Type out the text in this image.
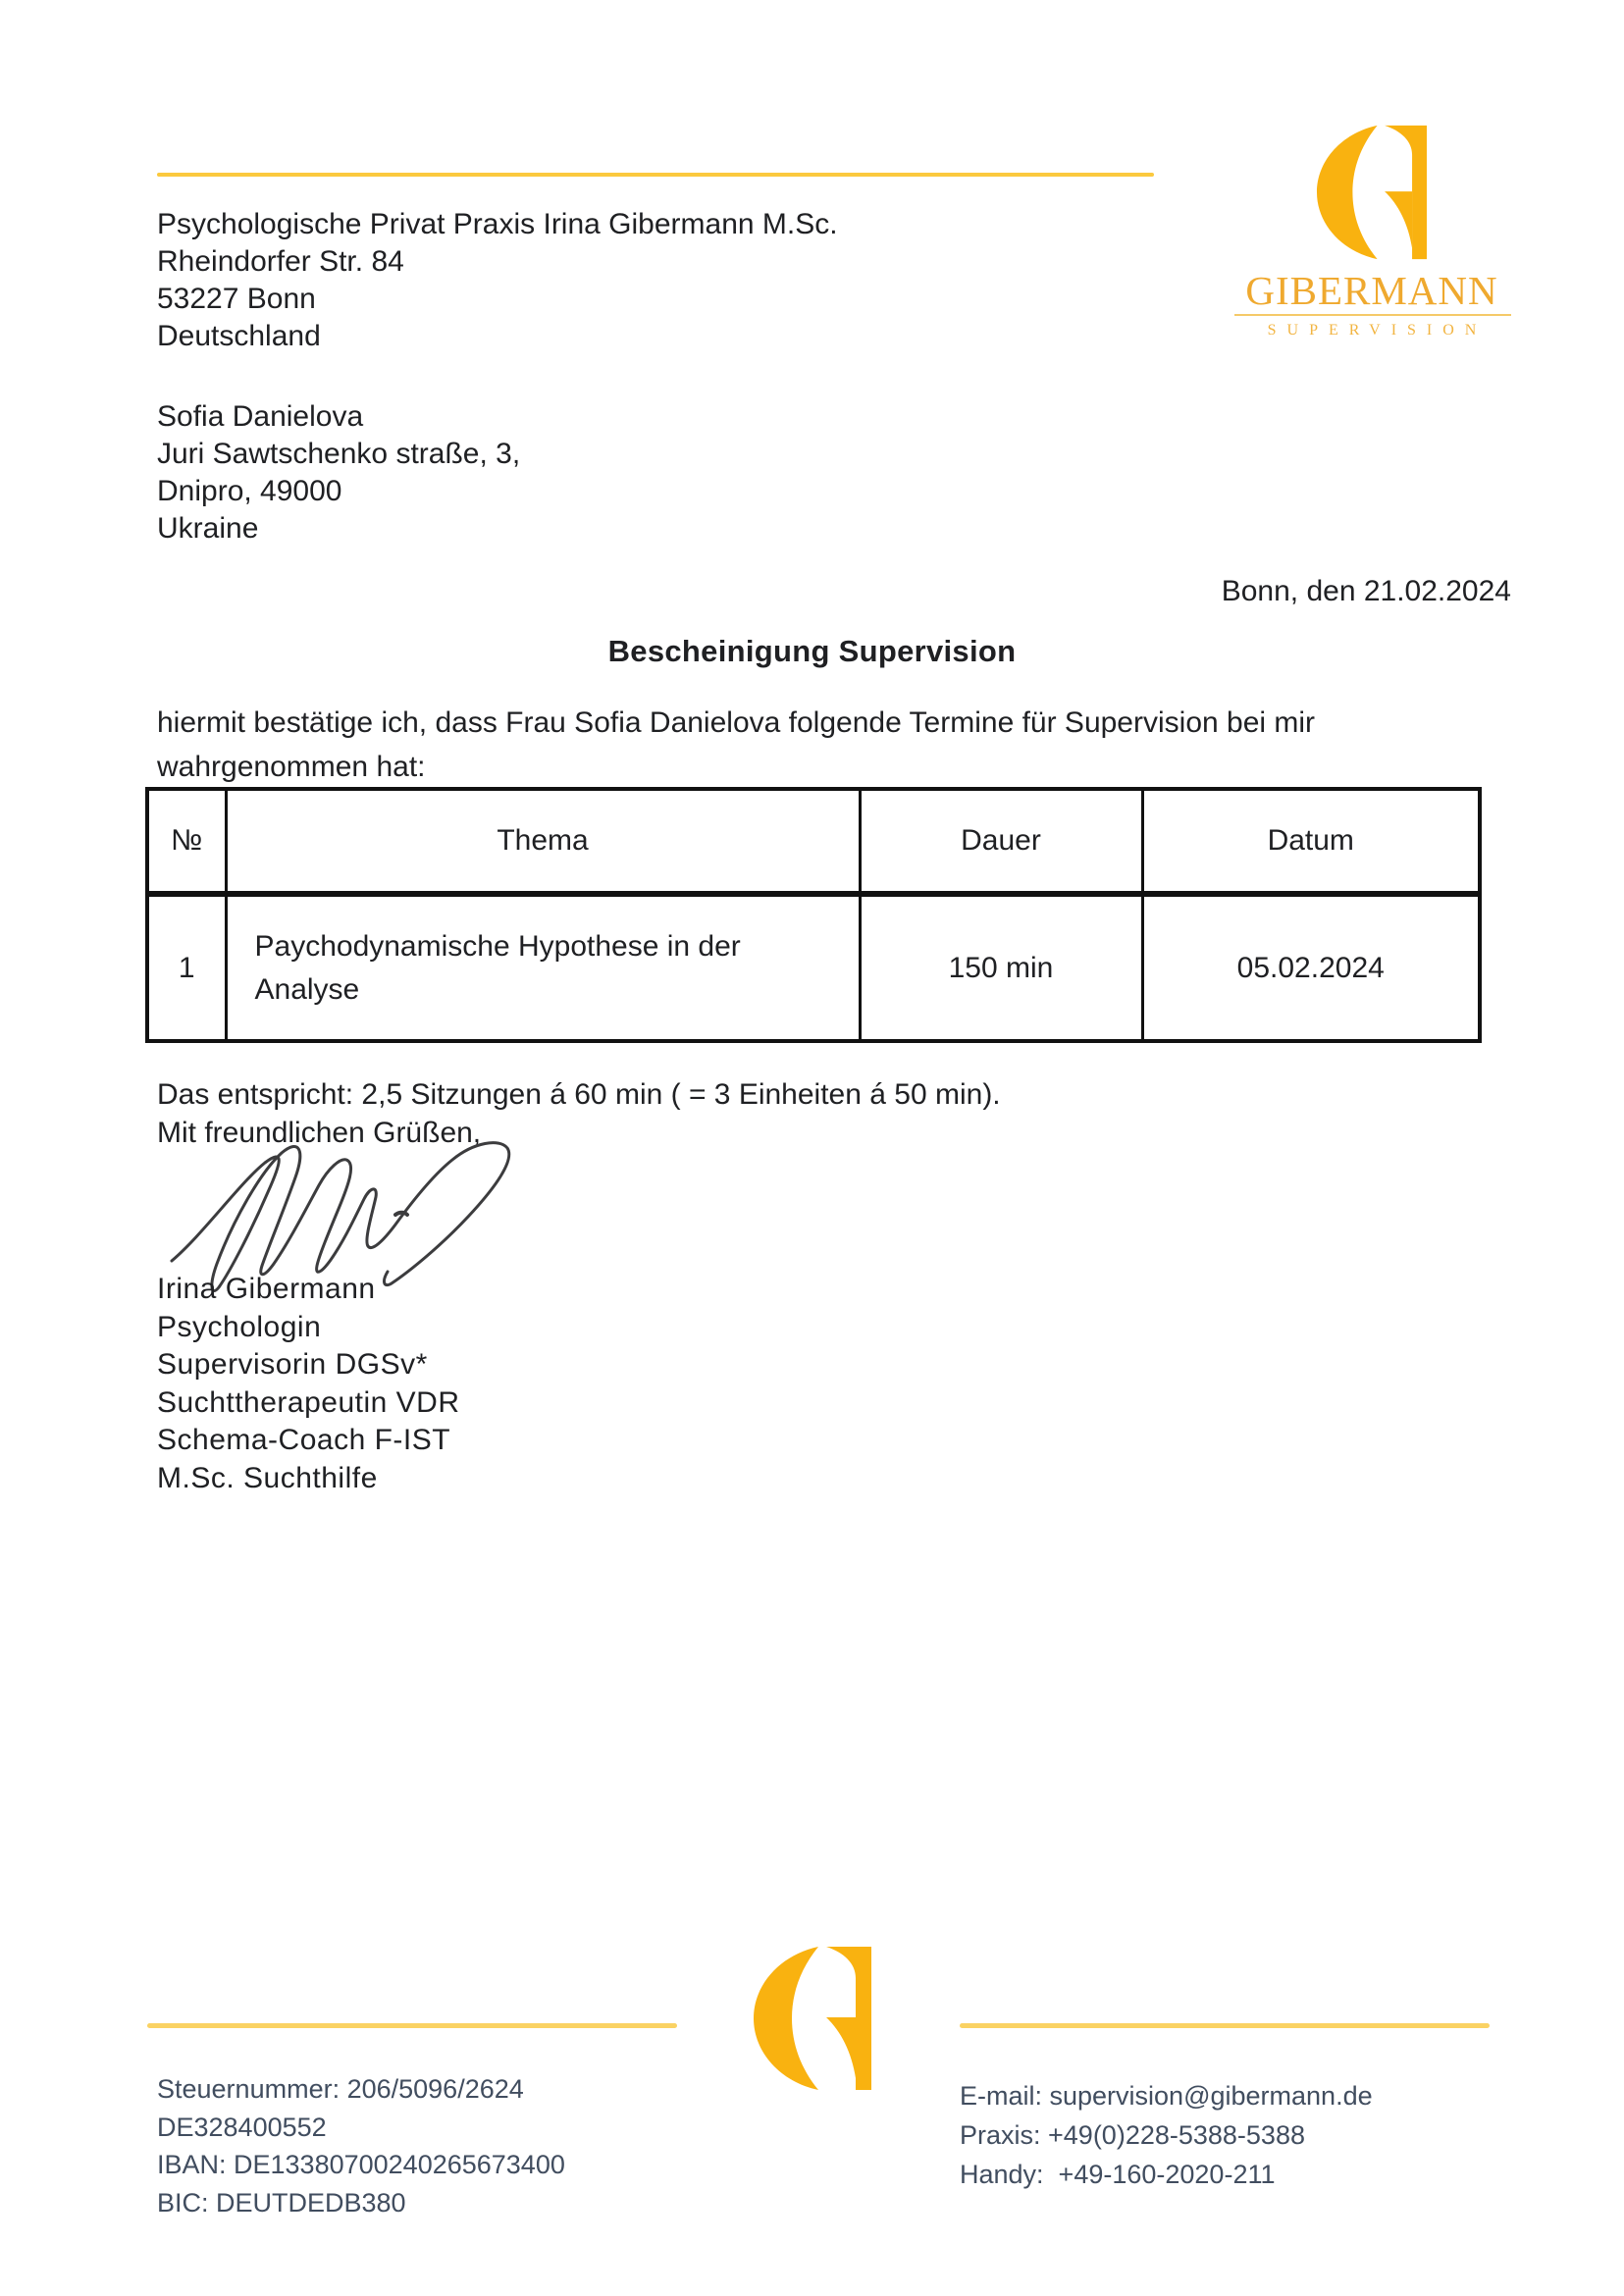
Psychologische Privat Praxis Irina Gibermann M.Sc.
Rheindorfer Str. 84
53227 Bonn
Deutschland
GIBERMANN
SUPERVISION
Sofia Danielova
Juri Sawtschenko straße, 3,
Dnipro, 49000
Ukraine
Bonn, den 21.02.2024
Bescheinigung Supervision
hiermit bestätige ich, dass Frau Sofia Danielova folgende Termine für Supervision bei mir
wahrgenommen hat:
№	Thema	Dauer	Datum
1	Paychodynamische Hypothese in der Analyse	150 min	05.02.2024
Das entspricht: 2,5 Sitzungen á 60 min ( = 3 Einheiten á 50 min).
Mit freundlichen Grüßen,
Irina Gibermann
Psychologin
Supervisorin DGSv*
Suchttherapeutin VDR
Schema-Coach F-IST
M.Sc. Suchthilfe
Steuernummer: 206/5096/2624
DE328400552
IBAN: DE13380700240265673400
BIC: DEUTDEDB380
E-mail: supervision@gibermann.de
Praxis: +49(0)228-5388-5388
Handy:  +49-160-2020-211
